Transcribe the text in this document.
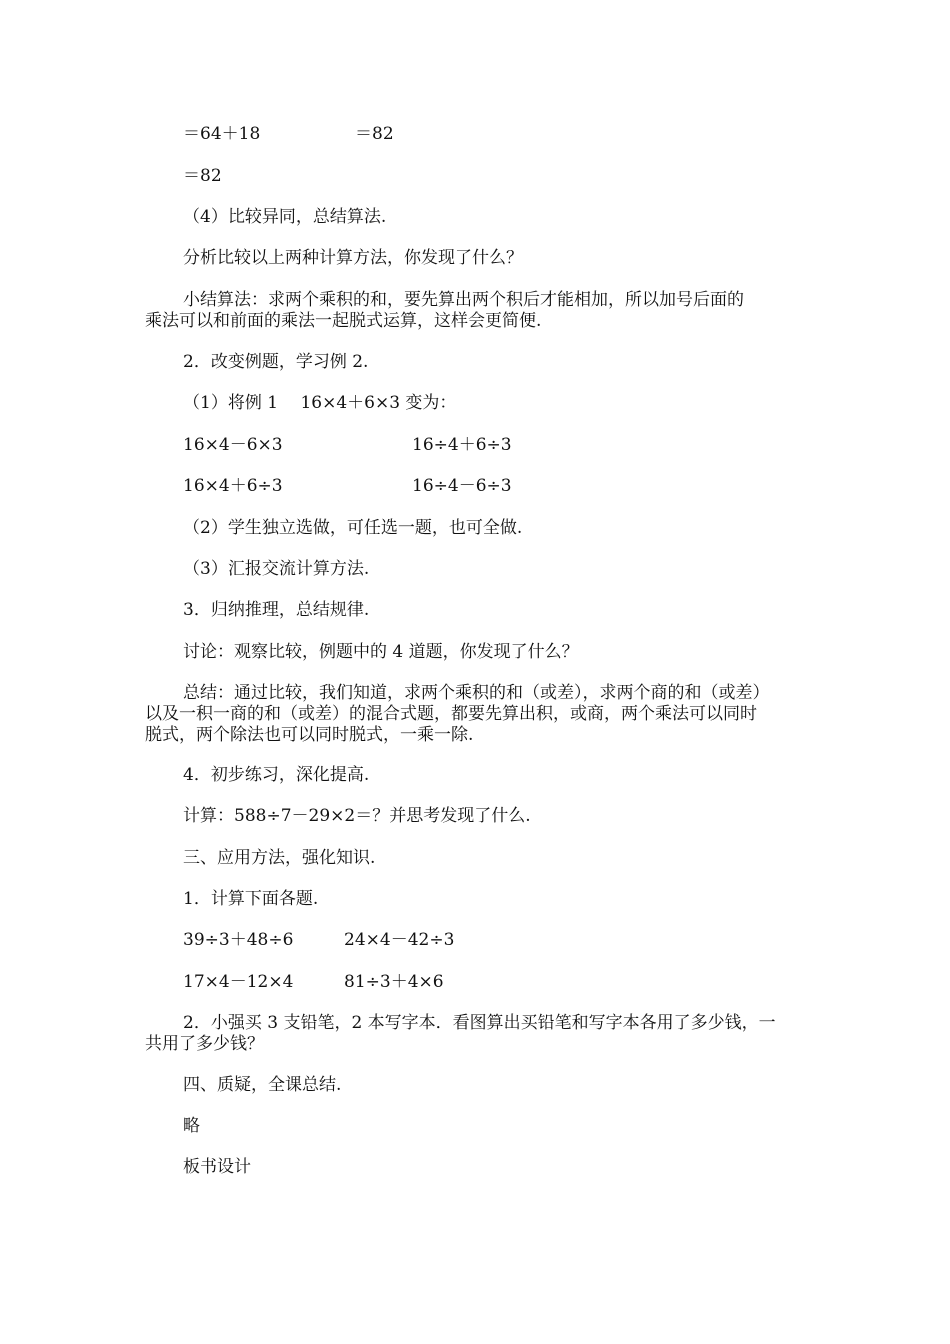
＝64＋18	＝82
＝82
（4）比较异同，总结算法.
分析比较以上两种计算方法，你发现了什么？
小结算法：求两个乘积的和，要先算出两个积后才能相加，所以加号后面的
乘法可以和前面的乘法一起脱式运算，这样会更简便.
2．改变例题，学习例 2.
（1）将例 1　 16×4＋6×3 变为：
16×4－6×3	16÷4＋6÷3
16×4＋6÷3	16÷4－6÷3
（2）学生独立选做，可任选一题，也可全做.
（3）汇报交流计算方法.
3．归纳推理，总结规律.
讨论：观察比较，例题中的 4 道题，你发现了什么？
总结：通过比较，我们知道，求两个乘积的和（或差），求两个商的和（或差）
以及一积一商的和（或差）的混合式题，都要先算出积，或商，两个乘法可以同时
脱式，两个除法也可以同时脱式，一乘一除.
4．初步练习，深化提高.
计算：588÷7－29×2＝？并思考发现了什么.
三、应用方法，强化知识.
1．计算下面各题.
39÷3＋48÷6	24×4－42÷3
17×4－12×4	81÷3＋4×6
2．小强买 3 支铅笔，2 本写字本．看图算出买铅笔和写字本各用了多少钱，一
共用了多少钱？
四、质疑，全课总结.
略
板书设计
